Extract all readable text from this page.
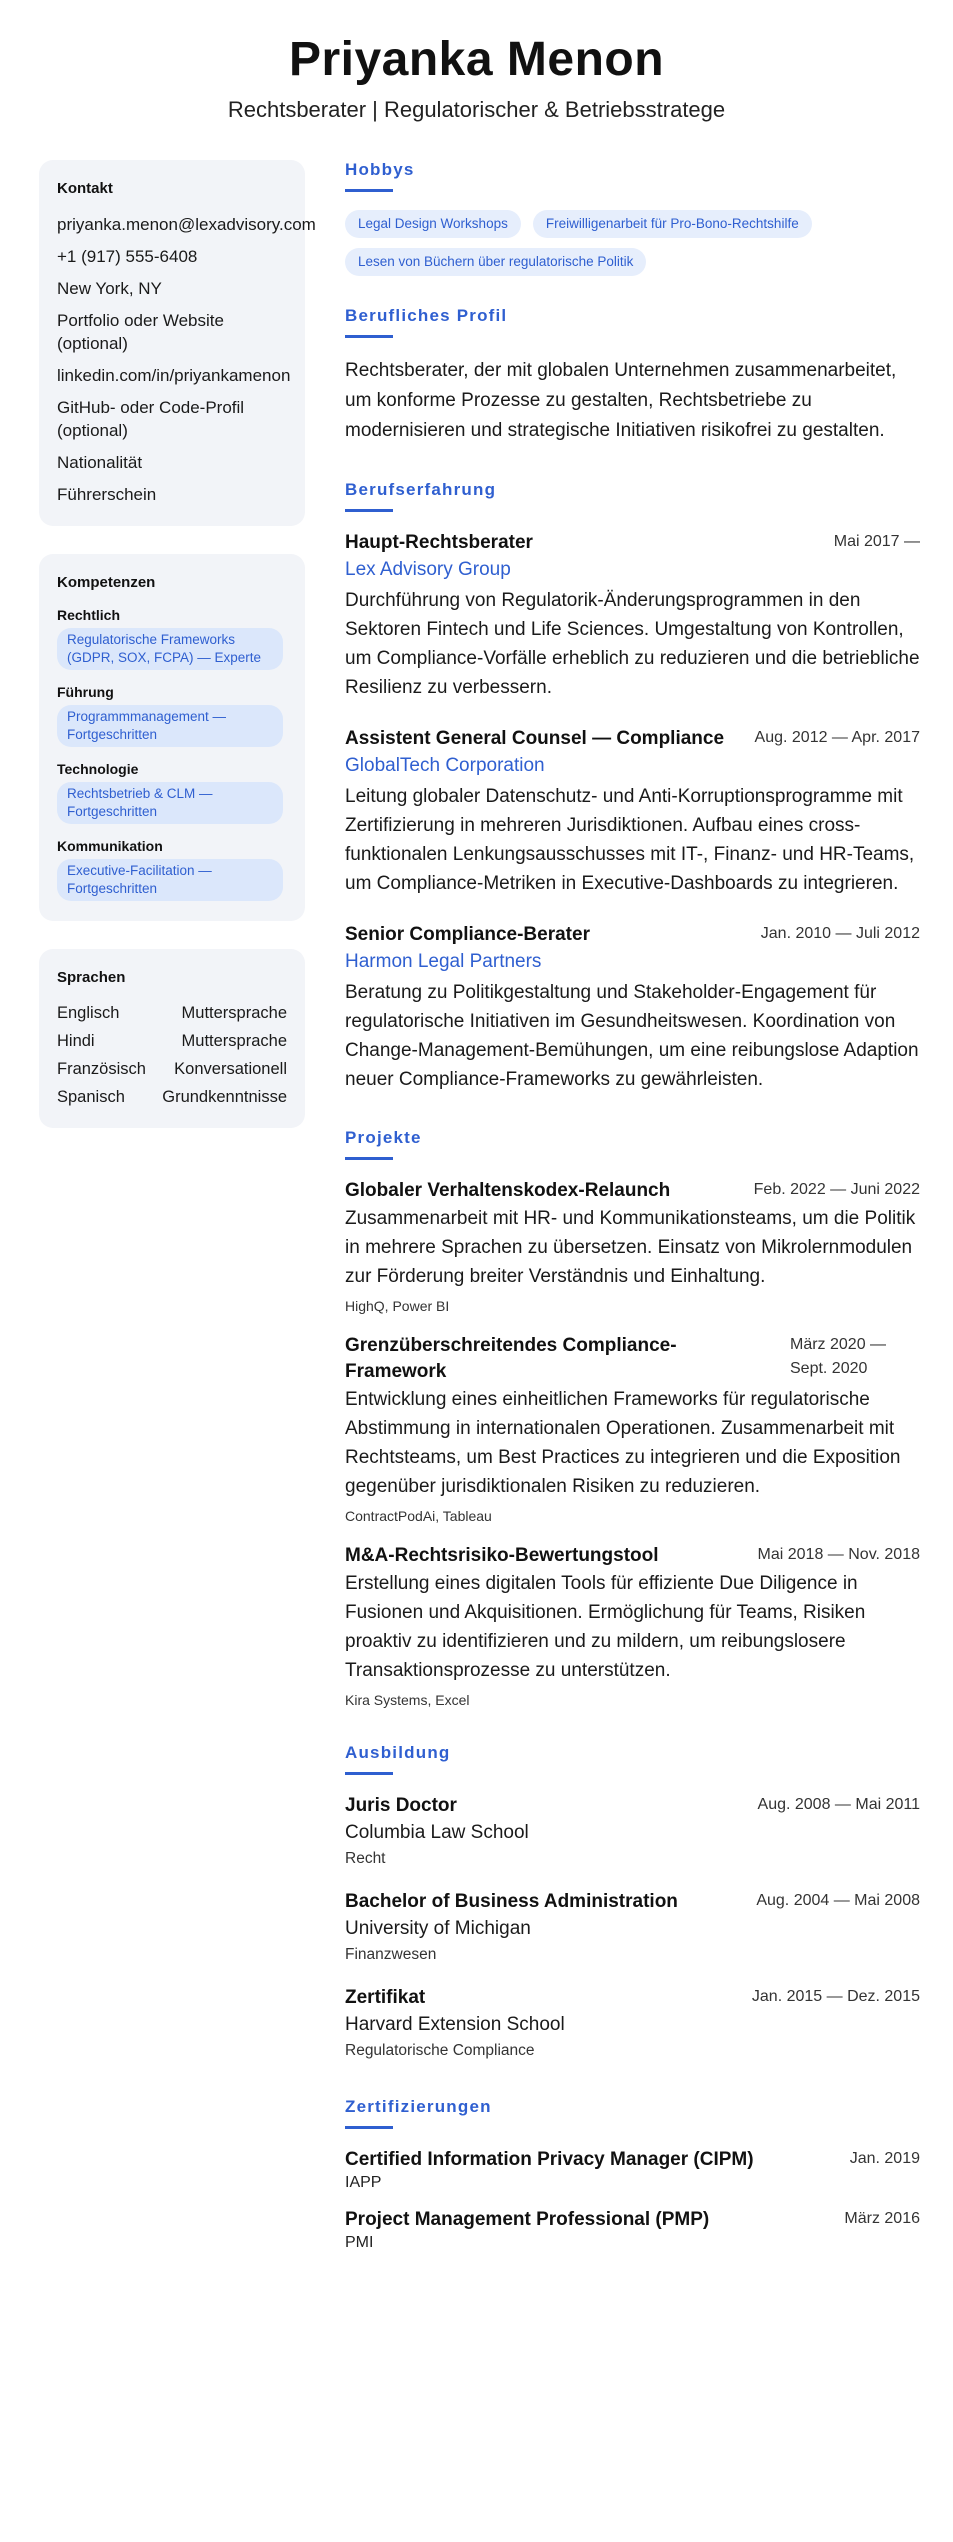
Priyanka Menon
Rechtsberater | Regulatorischer & Betriebsstratege
Kontakt
priyanka.menon@lexadvisory.com
+1 (917) 555-6408
New York, NY
Portfolio oder Website (optional)
linkedin.com/in/priyankamenon
GitHub- oder Code-Profil (optional)
Nationalität
Führerschein
Kompetenzen
Rechtlich
Regulatorische Frameworks (GDPR, SOX, FCPA) — Experte
Führung
Programmmanagement — Fortgeschritten
Technologie
Rechtsbetrieb & CLM — Fortgeschritten
Kommunikation
Executive-Facilitation — Fortgeschritten
Sprachen
Englisch	Muttersprache
Hindi	Muttersprache
Französisch Konversationell
Spanisch Grundkenntnisse
Hobbys
Legal Design Workshops	Freiwilligenarbeit für Pro-Bono-Rechtshilfe
Lesen von Büchern über regulatorische Politik
Berufliches Profil
Rechtsberater, der mit globalen Unternehmen zusammenarbeitet, um konforme Prozesse zu gestalten, Rechtsbetriebe zu modernisieren und strategische Initiativen risikofrei zu gestalten.
Berufserfahrung
Haupt-Rechtsberater	Mai 2017 —
Lex Advisory Group
Durchführung von Regulatorik-Änderungsprogrammen in den Sektoren Fintech und Life Sciences. Umgestaltung von Kontrollen, um Compliance-Vorfälle erheblich zu reduzieren und die betriebliche Resilienz zu verbessern.
Assistent General Counsel — Compliance Aug. 2012 — Apr. 2017
GlobalTech Corporation
Leitung globaler Datenschutz- und Anti-Korruptionsprogramme mit Zertifizierung in mehreren Jurisdiktionen. Aufbau eines cross-funktionalen Lenkungsausschusses mit IT-, Finanz- und HR-Teams, um Compliance-Metriken in Executive-Dashboards zu integrieren.
Senior Compliance-Berater	Jan. 2010 — Juli 2012
Harmon Legal Partners
Beratung zu Politikgestaltung und Stakeholder-Engagement für regulatorische Initiativen im Gesundheitswesen. Koordination von Change-Management-Bemühungen, um eine reibungslose Adaption neuer Compliance-Frameworks zu gewährleisten.
Projekte
Globaler Verhaltenskodex-Relaunch	Feb. 2022 — Juni 2022
Zusammenarbeit mit HR- und Kommunikationsteams, um die Politik in mehrere Sprachen zu übersetzen. Einsatz von Mikrolernmodulen zur Förderung breiter Verständnis und Einhaltung.
HighQ, Power BI
Grenzüberschreitendes Compliance-Framework
März 2020 — Sept. 2020
Entwicklung eines einheitlichen Frameworks für regulatorische Abstimmung in internationalen Operationen. Zusammenarbeit mit Rechtsteams, um Best Practices zu integrieren und die Exposition gegenüber jurisdiktionalen Risiken zu reduzieren.
ContractPodAi, Tableau
M&A-Rechtsrisiko-Bewertungstool	Mai 2018 — Nov. 2018
Erstellung eines digitalen Tools für effiziente Due Diligence in Fusionen und Akquisitionen. Ermöglichung für Teams, Risiken proaktiv zu identifizieren und zu mildern, um reibungslosere Transaktionsprozesse zu unterstützen.
Kira Systems, Excel
Ausbildung
Juris Doctor	Aug. 2008 — Mai 2011
Columbia Law School
Recht
Bachelor of Business Administration	Aug. 2004 — Mai 2008
University of Michigan
Finanzwesen
Zertifikat	Jan. 2015 — Dez. 2015
Harvard Extension School
Regulatorische Compliance
Zertifizierungen
Certified Information Privacy Manager (CIPM)	Jan. 2019
IAPP
Project Management Professional (PMP)	März 2016
PMI
